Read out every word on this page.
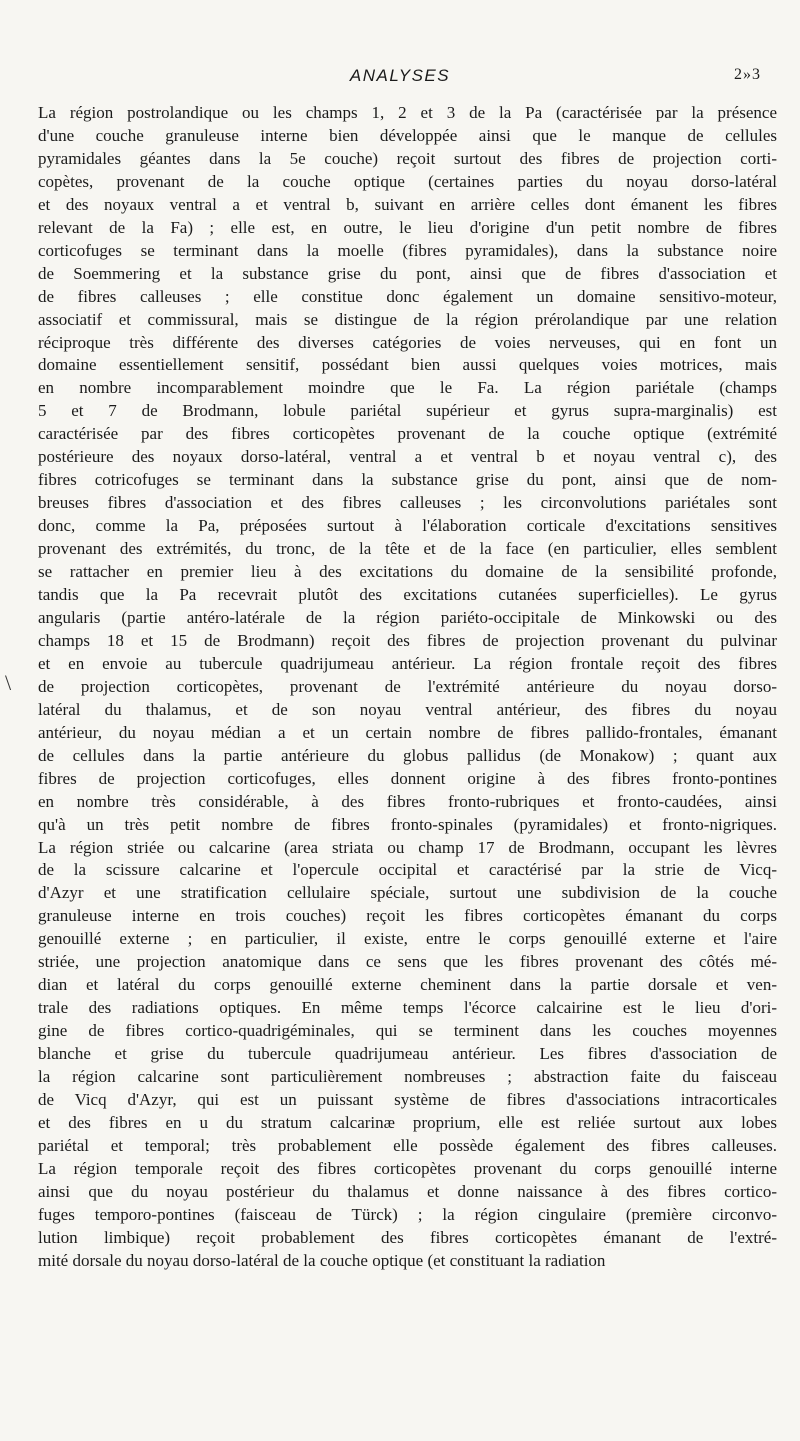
ANALYSES	2»3
\
La région postrolandique ou les champs 1, 2 et 3 de la Pa (caractérisée par la présence
d'une couche granuleuse interne bien développée ainsi que le manque de cellules
pyramidales géantes dans la 5e couche) reçoit surtout des fibres de projection corti-
copètes, provenant de la couche optique (certaines parties du noyau dorso-latéral
et des noyaux ventral a et ventral b, suivant en arrière celles dont émanent les fibres
relevant de la Fa) ; elle est, en outre, le lieu d'origine d'un petit nombre de fibres
corticofuges se terminant dans la moelle (fibres pyramidales), dans la substance noire
de Soemmering et la substance grise du pont, ainsi que de fibres d'association et
de fibres calleuses ; elle constitue donc également un domaine sensitivo-moteur,
associatif et commissural, mais se distingue de la région prérolandique par une relation
réciproque très différente des diverses catégories de voies nerveuses, qui en font un
domaine essentiellement sensitif, possédant bien aussi quelques voies motrices, mais
en nombre incomparablement moindre que le Fa. La région pariétale (champs
5 et 7 de Brodmann, lobule pariétal supérieur et gyrus supra-marginalis) est
caractérisée par des fibres corticopètes provenant de la couche optique (extrémité
postérieure des noyaux dorso-latéral, ventral a et ventral b et noyau ventral c), des
fibres cotricofuges se terminant dans la substance grise du pont, ainsi que de nom-
breuses fibres d'association et des fibres calleuses ; les circonvolutions pariétales sont
donc, comme la Pa, préposées surtout à l'élaboration corticale d'excitations sensitives
provenant des extrémités, du tronc, de la tête et de la face (en particulier, elles semblent
se rattacher en premier lieu à des excitations du domaine de la sensibilité profonde,
tandis que la Pa recevrait plutôt des excitations cutanées superficielles). Le gyrus
angularis (partie antéro-latérale de la région pariéto-occipitale de Minkowski ou des
champs 18 et 15 de Brodmann) reçoit des fibres de projection provenant du pulvinar
et en envoie au tubercule quadrijumeau antérieur. La région frontale reçoit des fibres
de projection corticopètes, provenant de l'extrémité antérieure du noyau dorso-
latéral du thalamus, et de son noyau ventral antérieur, des fibres du noyau
antérieur, du noyau médian a et un certain nombre de fibres pallido-frontales, émanant
de cellules dans la partie antérieure du globus pallidus (de Monakow) ; quant aux
fibres de projection corticofuges, elles donnent origine à des fibres fronto-pontines
en nombre très considérable, à des fibres fronto-rubriques et fronto-caudées, ainsi
qu'à un très petit nombre de fibres fronto-spinales (pyramidales) et fronto-nigriques.
La région striée ou calcarine (area striata ou champ 17 de Brodmann, occupant les lèvres
de la scissure calcarine et l'opercule occipital et caractérisé par la strie de Vicq-
d'Azyr et une stratification cellulaire spéciale, surtout une subdivision de la couche
granuleuse interne en trois couches) reçoit les fibres corticopètes émanant du corps
genouillé externe ; en particulier, il existe, entre le corps genouillé externe et l'aire
striée, une projection anatomique dans ce sens que les fibres provenant des côtés mé-
dian et latéral du corps genouillé externe cheminent dans la partie dorsale et ven-
trale des radiations optiques. En même temps l'écorce calcairine est le lieu d'ori-
gine de fibres cortico-quadrigéminales, qui se terminent dans les couches moyennes
blanche et grise du tubercule quadrijumeau antérieur. Les fibres d'association de
la région calcarine sont particulièrement nombreuses ; abstraction faite du faisceau
de Vicq d'Azyr, qui est un puissant système de fibres d'associations intracorticales
et des fibres en u du stratum calcarinæ proprium, elle est reliée surtout aux lobes
pariétal et temporal; très probablement elle possède également des fibres calleuses.
La région temporale reçoit des fibres corticopètes provenant du corps genouillé interne
ainsi que du noyau postérieur du thalamus et donne naissance à des fibres cortico-
fuges temporo-pontines (faisceau de Türck) ; la région cingulaire (première circonvo-
lution limbique) reçoit probablement des fibres corticopètes émanant de l'extré-
mité dorsale du noyau dorso-latéral de la couche optique (et constituant la radiation
